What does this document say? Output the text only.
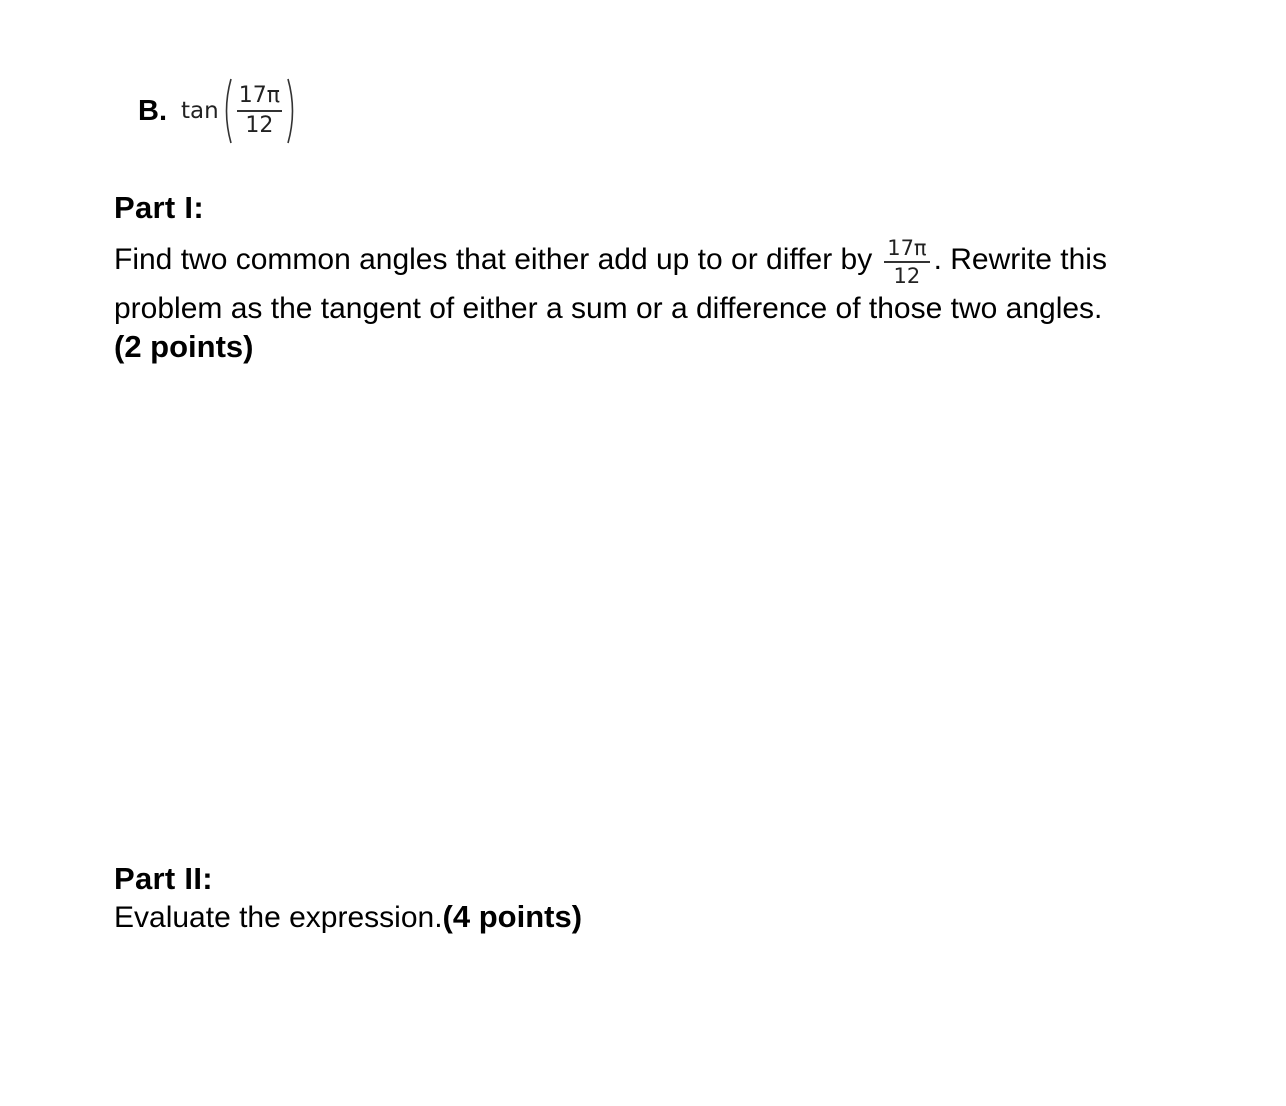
B. $\tan \frac{17\pi}{12}$
Part I:
Find two common angles that either add up to or differ by $\frac{17\pi}{12}$ . Rewrite this
problem as the tangent of either a sum or a difference of those two angles.
(2 points)
Part II:
Evaluate the expression.(4 points)
